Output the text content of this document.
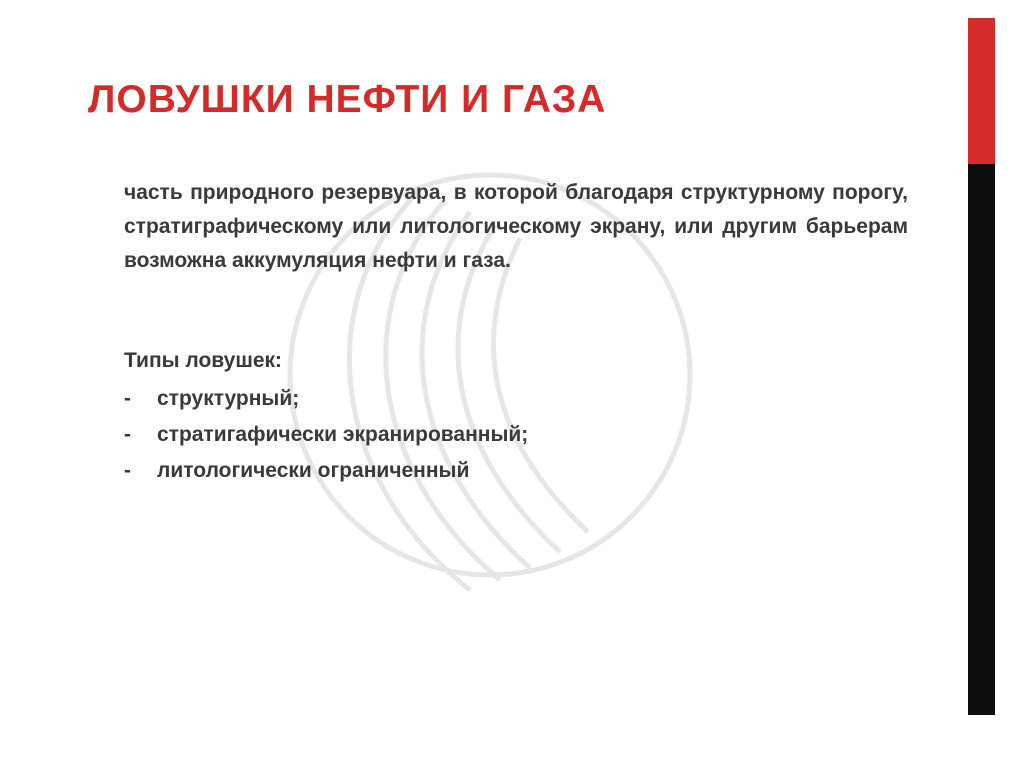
ЛОВУШКИ НЕФТИ И ГАЗА
часть природного резервуара, в которой благодаря структурному порогу, стратиграфическому или литологическому экрану, или другим барьерам возможна аккумуляция нефти и газа.
Типы ловушек:
- структурный;
- стратигафически экранированный;
- литологически ограниченный
